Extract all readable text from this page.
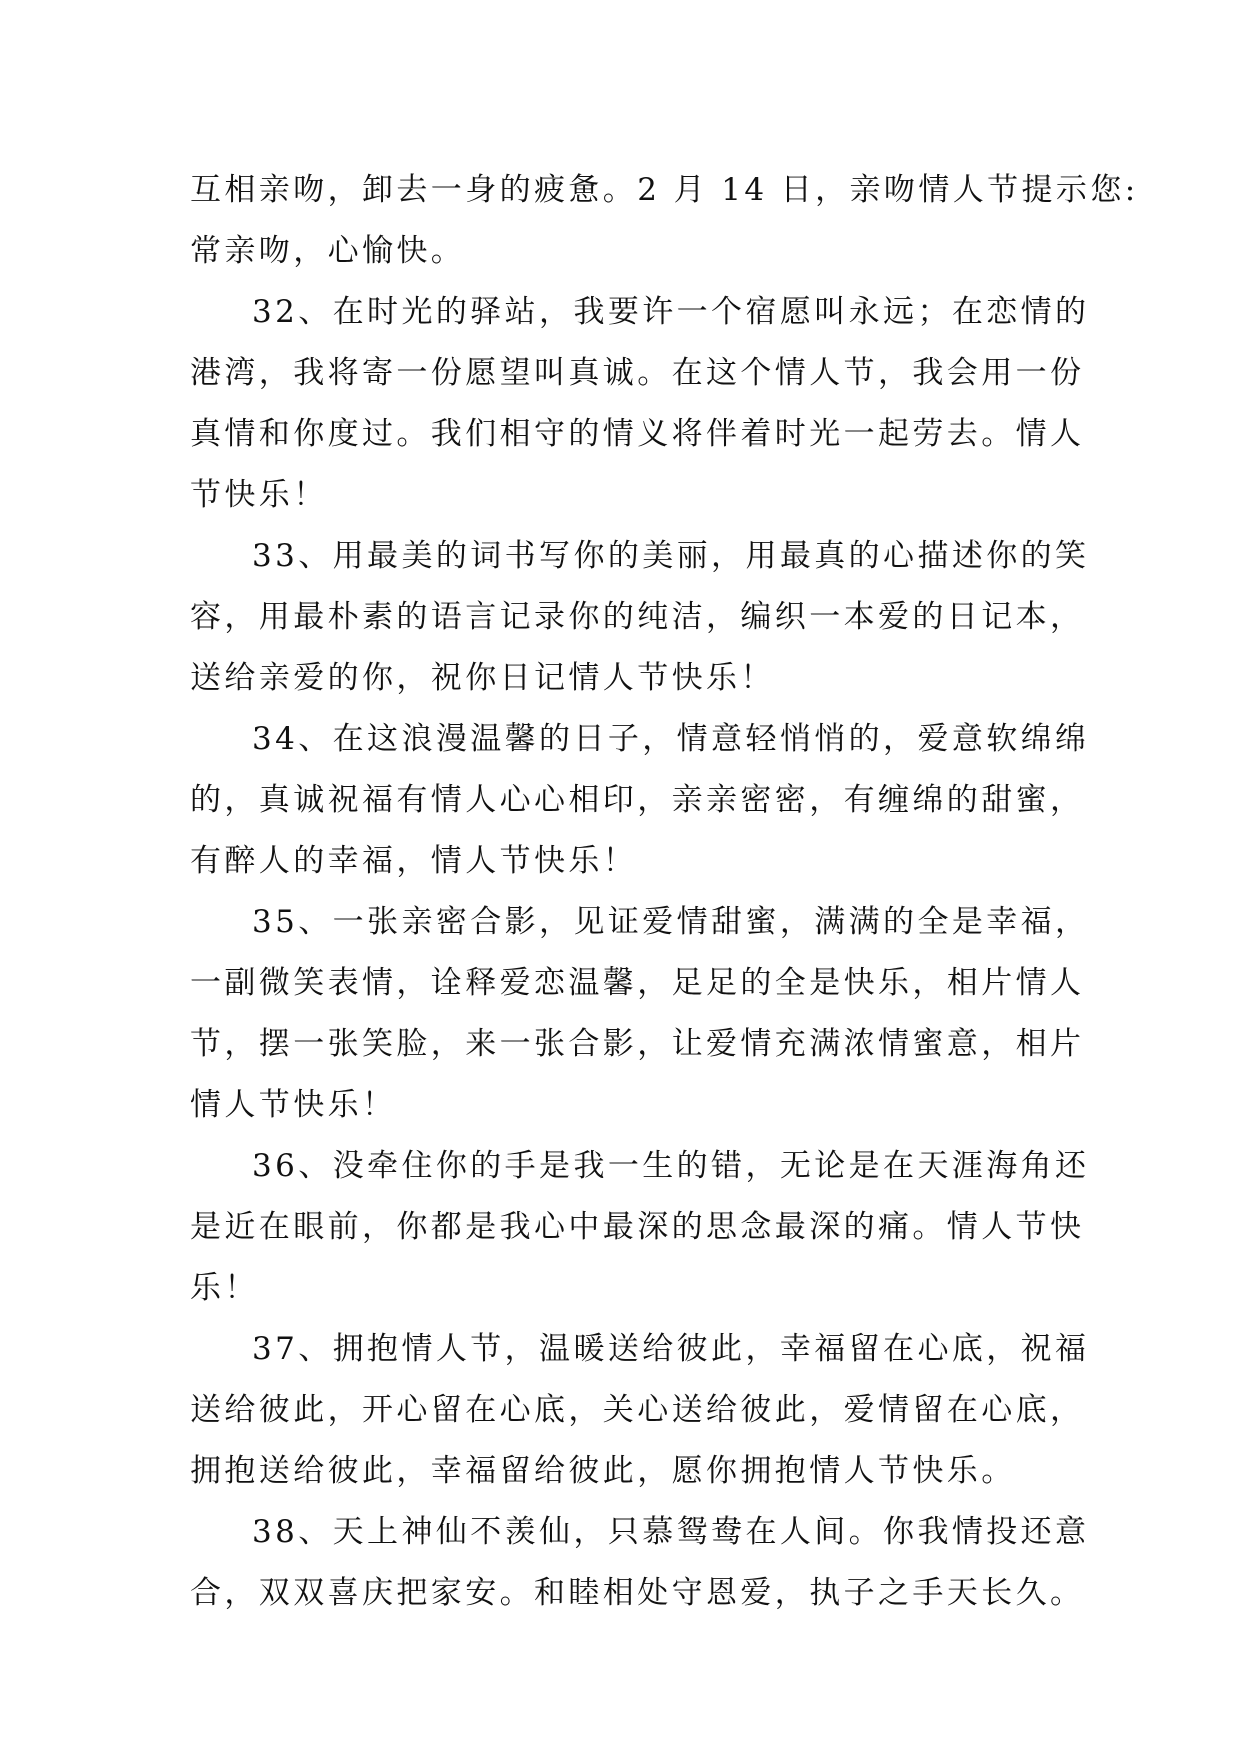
互相亲吻，卸去一身的疲惫。2 月 14 日，亲吻情人节提示您:
常亲吻，心愉快。
32、在时光的驿站，我要许一个宿愿叫永远；在恋情的
港湾，我将寄一份愿望叫真诚。在这个情人节，我会用一份
真情和你度过。我们相守的情义将伴着时光一起劳去。情人
节快乐！
33、用最美的词书写你的美丽，用最真的心描述你的笑
容，用最朴素的语言记录你的纯洁，编织一本爱的日记本，
送给亲爱的你，祝你日记情人节快乐！
34、在这浪漫温馨的日子，情意轻悄悄的，爱意软绵绵
的，真诚祝福有情人心心相印，亲亲密密，有缠绵的甜蜜，
有醉人的幸福，情人节快乐！
35、一张亲密合影，见证爱情甜蜜，满满的全是幸福，
一副微笑表情，诠释爱恋温馨，足足的全是快乐，相片情人
节，摆一张笑脸，来一张合影，让爱情充满浓情蜜意，相片
情人节快乐！
36、没牵住你的手是我一生的错，无论是在天涯海角还
是近在眼前，你都是我心中最深的思念最深的痛。情人节快
乐！
37、拥抱情人节，温暖送给彼此，幸福留在心底，祝福
送给彼此，开心留在心底，关心送给彼此，爱情留在心底，
拥抱送给彼此，幸福留给彼此，愿你拥抱情人节快乐。
38、天上神仙不羡仙，只慕鸳鸯在人间。你我情投还意
合，双双喜庆把家安。和睦相处守恩爱，执子之手天长久。
